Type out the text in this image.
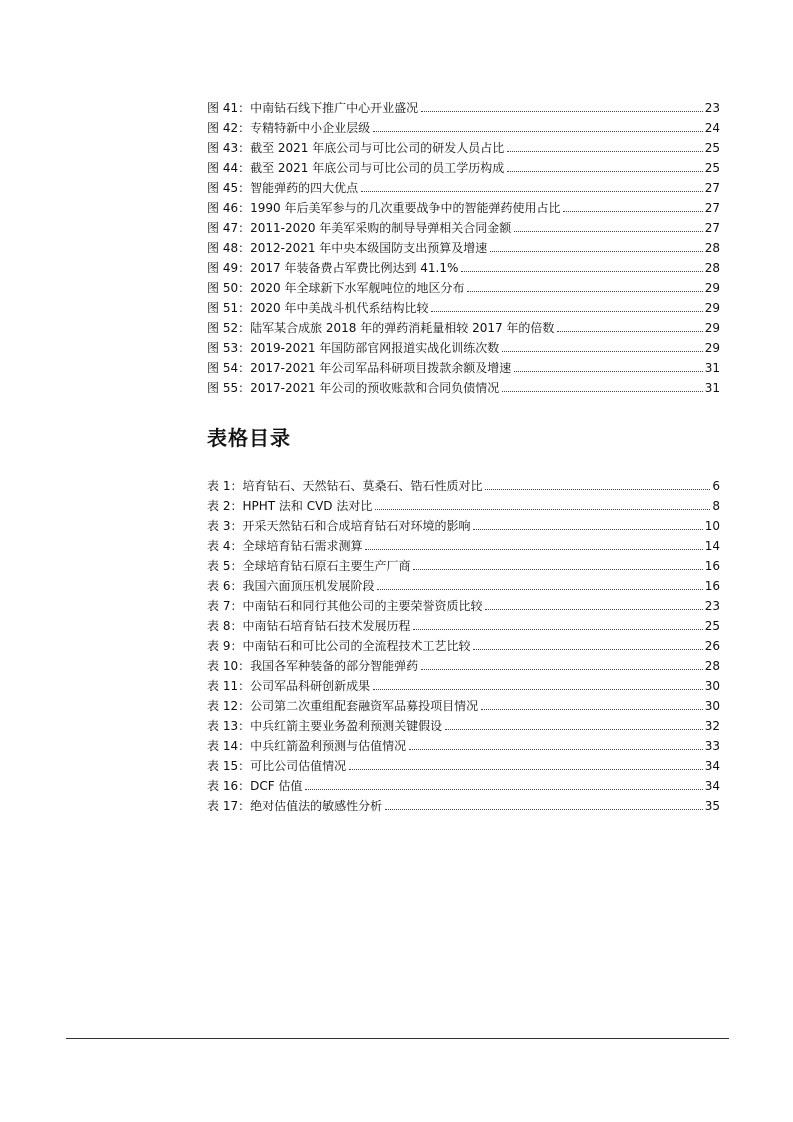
图 41：中南钻石线下推广中心开业盛况	23
图 42：专精特新中小企业层级	24
图 43：截至 2021 年底公司与可比公司的研发人员占比	25
图 44：截至 2021 年底公司与可比公司的员工学历构成	25
图 45：智能弹药的四大优点	27
图 46：1990 年后美军参与的几次重要战争中的智能弹药使用占比	27
图 47：2011-2020 年美军采购的制导导弹相关合同金额	27
图 48：2012-2021 年中央本级国防支出预算及增速	28
图 49：2017 年装备费占军费比例达到 41.1%	28
图 50：2020 年全球新下水军舰吨位的地区分布	29
图 51：2020 年中美战斗机代系结构比较	29
图 52：陆军某合成旅 2018 年的弹药消耗量相较 2017 年的倍数	29
图 53：2019-2021 年国防部官网报道实战化训练次数	29
图 54：2017-2021 年公司军品科研项目拨款余额及增速	31
图 55：2017-2021 年公司的预收账款和合同负债情况	31
表格目录
表 1：培育钻石、天然钻石、莫桑石、锆石性质对比	6
表 2：HPHT 法和 CVD 法对比	8
表 3：开采天然钻石和合成培育钻石对环境的影响	10
表 4：全球培育钻石需求测算	14
表 5：全球培育钻石原石主要生产厂商	16
表 6：我国六面顶压机发展阶段	16
表 7：中南钻石和同行其他公司的主要荣誉资质比较	23
表 8：中南钻石培育钻石技术发展历程	25
表 9：中南钻石和可比公司的全流程技术工艺比较	26
表 10：我国各军种装备的部分智能弹药	28
表 11：公司军品科研创新成果	30
表 12：公司第二次重组配套融资军品募投项目情况	30
表 13：中兵红箭主要业务盈利预测关键假设	32
表 14：中兵红箭盈利预测与估值情况	33
表 15：可比公司估值情况	34
表 16：DCF 估值	34
表 17：绝对估值法的敏感性分析	35
